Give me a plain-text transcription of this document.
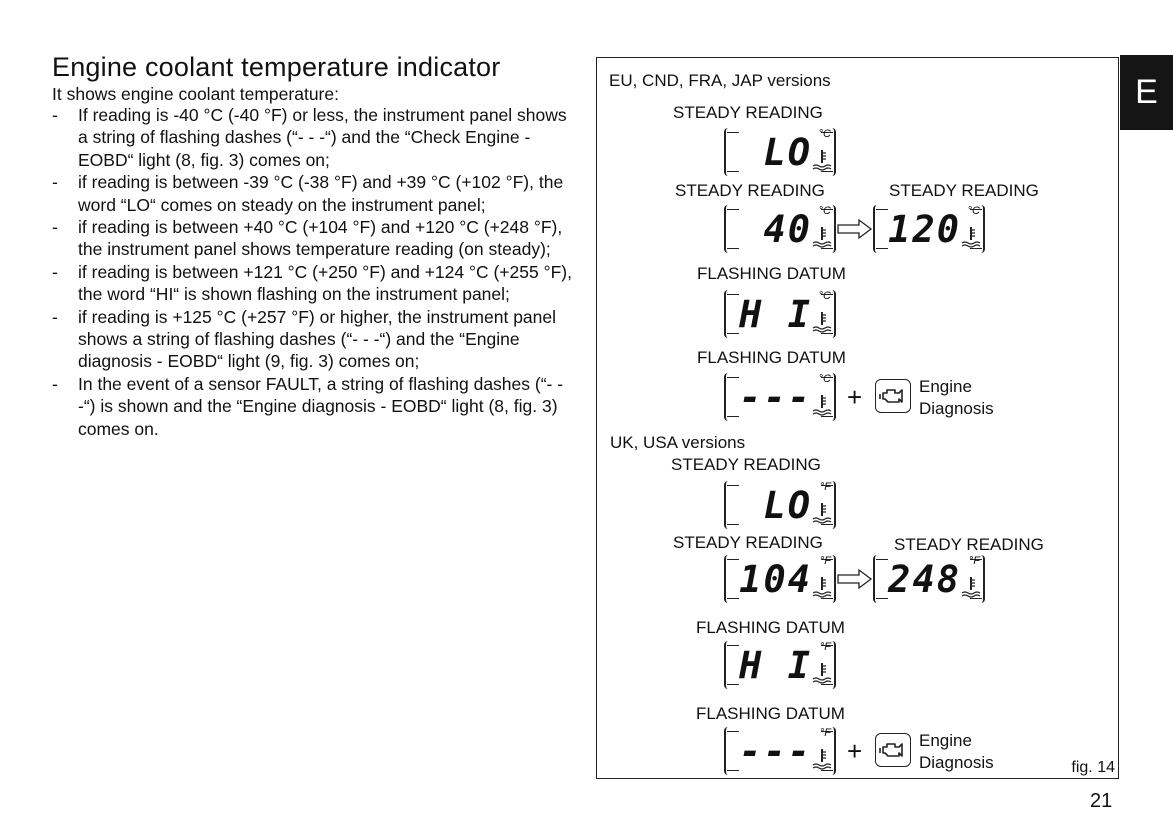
Engine coolant temperature indicator
It shows engine coolant temperature:
- If reading is -40 °C (-40 °F) or less, the instrument panel shows a string of flashing dashes (“- - -“) and the “Check Engine - EOBD“ light (8, fig. 3) comes on;
- if reading is between -39 °C (-38 °F) and +39 °C (+102 °F), the word “LO“ comes on steady on the instrument panel;
- if reading is between +40 °C (+104 °F) and +120 °C (+248 °F), the instrument panel shows temperature reading (on steady);
- if reading is between +121 °C (+250 °F) and +124 °C (+255 °F), the word “HI“ is shown flashing on the instrument panel;
- if reading is +125 °C (+257 °F) or higher, the instrument panel shows a string of flashing dashes (“- - -“) and the “Engine diagnosis - EOBD“ light (9, fig. 3) comes on;
- In the event of a sensor FAULT, a string of flashing dashes (“- - -“) is shown and the “Engine diagnosis - EOBD“ light (8, fig. 3) comes on.
E
21
EU, CND, FRA, JAP versions
STEADY READING
LO °C
STEADY READING	STEADY READING
40 °C 120 °C
FLASHING DATUM
H I °C
FLASHING DATUM
--- °C
+	Engine
Diagnosis
UK, USA versions
STEADY READING
LO °F
STEADY READING	STEADY READING
104 °F 248 °F
FLASHING DATUM
H I °F
FLASHING DATUM
--- °F
+	Engine
Diagnosis	fig. 14
